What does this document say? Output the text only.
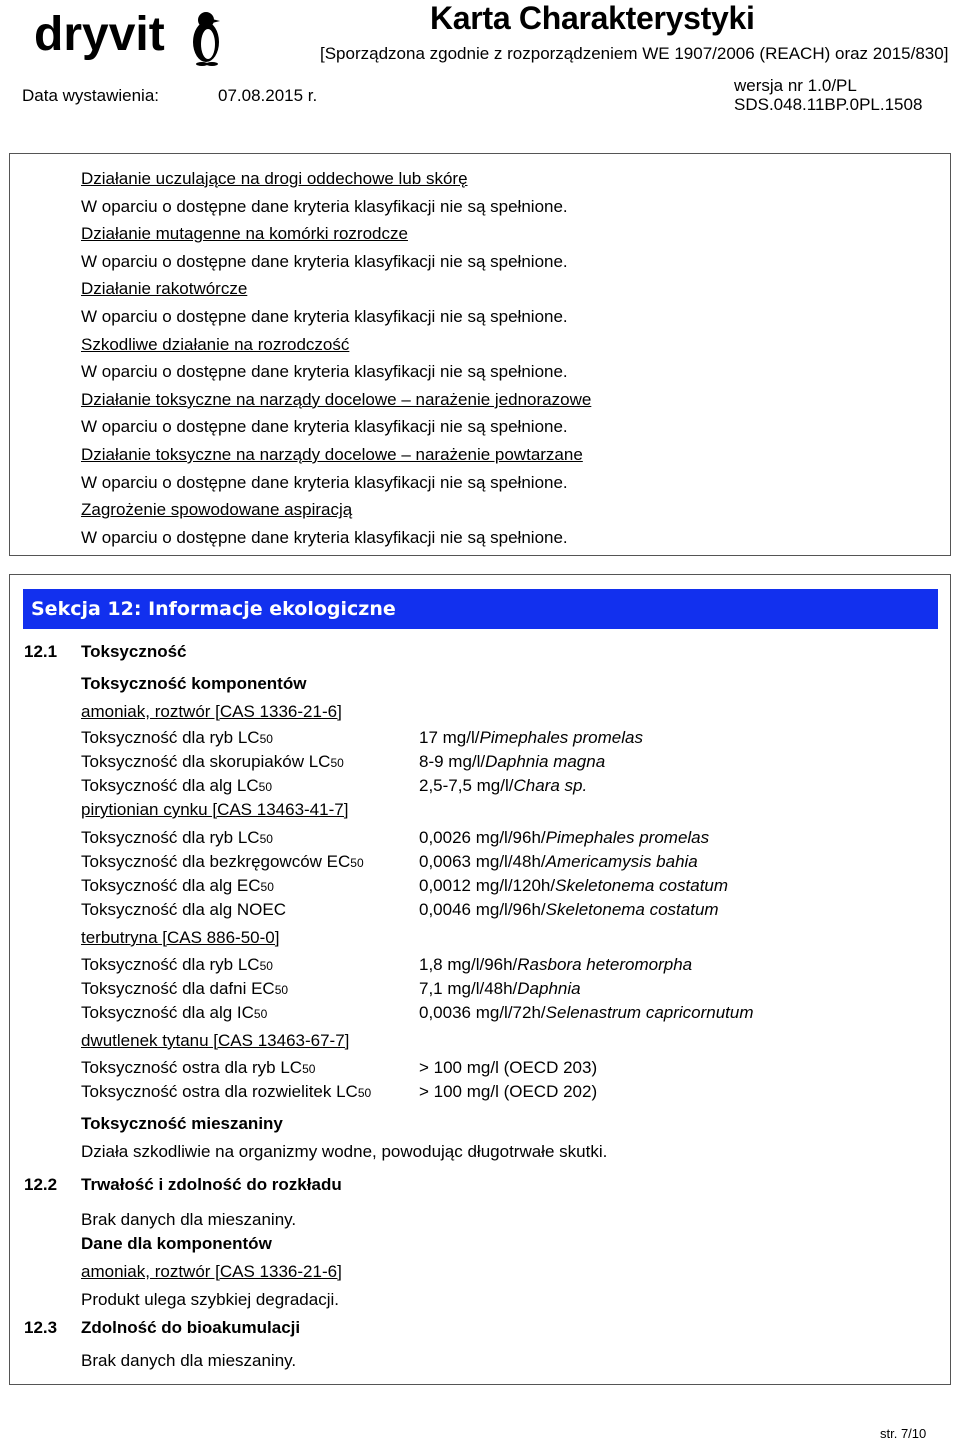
dryvit	Karta Charakterystyki
[Sporządzona zgodnie z rozporządzeniem WE 1907/2006 (REACH) oraz 2015/830]
Data wystawienia:	07.08.2015 r.
wersja nr 1.0/PL
SDS.048.11BP.0PL.1508
Działanie uczulające na drogi oddechowe lub skórę
W oparciu o dostępne dane kryteria klasyfikacji nie są spełnione.
Działanie mutagenne na komórki rozrodcze
W oparciu o dostępne dane kryteria klasyfikacji nie są spełnione.
Działanie rakotwórcze
W oparciu o dostępne dane kryteria klasyfikacji nie są spełnione.
Szkodliwe działanie na rozrodczość
W oparciu o dostępne dane kryteria klasyfikacji nie są spełnione.
Działanie toksyczne na narządy docelowe – narażenie jednorazowe
W oparciu o dostępne dane kryteria klasyfikacji nie są spełnione.
Działanie toksyczne na narządy docelowe – narażenie powtarzane
W oparciu o dostępne dane kryteria klasyfikacji nie są spełnione.
Zagrożenie spowodowane aspiracją
W oparciu o dostępne dane kryteria klasyfikacji nie są spełnione.
Sekcja 12: Informacje ekologiczne
12.1 Toksyczność
Toksyczność komponentów
amoniak, roztwór [CAS 1336-21-6]
Toksyczność dla ryb LC50	17 mg/l/Pimephales promelas
Toksyczność dla skorupiaków LC50	8-9 mg/l/Daphnia magna
Toksyczność dla alg LC50	2,5-7,5 mg/l/Chara sp.
pirytionian cynku [CAS 13463-41-7]
Toksyczność dla ryb LC50	0,0026 mg/l/96h/Pimephales promelas
Toksyczność dla bezkręgowców EC50	0,0063 mg/l/48h/Americamysis bahia
Toksyczność dla alg EC50	0,0012 mg/l/120h/Skeletonema costatum
Toksyczność dla alg NOEC	0,0046 mg/l/96h/Skeletonema costatum
terbutryna [CAS 886-50-0]
Toksyczność dla ryb LC50	1,8 mg/l/96h/Rasbora heteromorpha
Toksyczność dla dafni EC50	7,1 mg/l/48h/Daphnia
Toksyczność dla alg IC50	0,0036 mg/l/72h/Selenastrum capricornutum
dwutlenek tytanu [CAS 13463-67-7]
Toksyczność ostra dla ryb LC50	> 100 mg/l (OECD 203)
Toksyczność ostra dla rozwielitek LC50	> 100 mg/l (OECD 202)
Toksyczność mieszaniny
Działa szkodliwie na organizmy wodne, powodując długotrwałe skutki.
12.2 Trwałość i zdolność do rozkładu
Brak danych dla mieszaniny.
Dane dla komponentów
amoniak, roztwór [CAS 1336-21-6]
Produkt ulega szybkiej degradacji.
12.3 Zdolność do bioakumulacji
Brak danych dla mieszaniny.
str. 7/10
